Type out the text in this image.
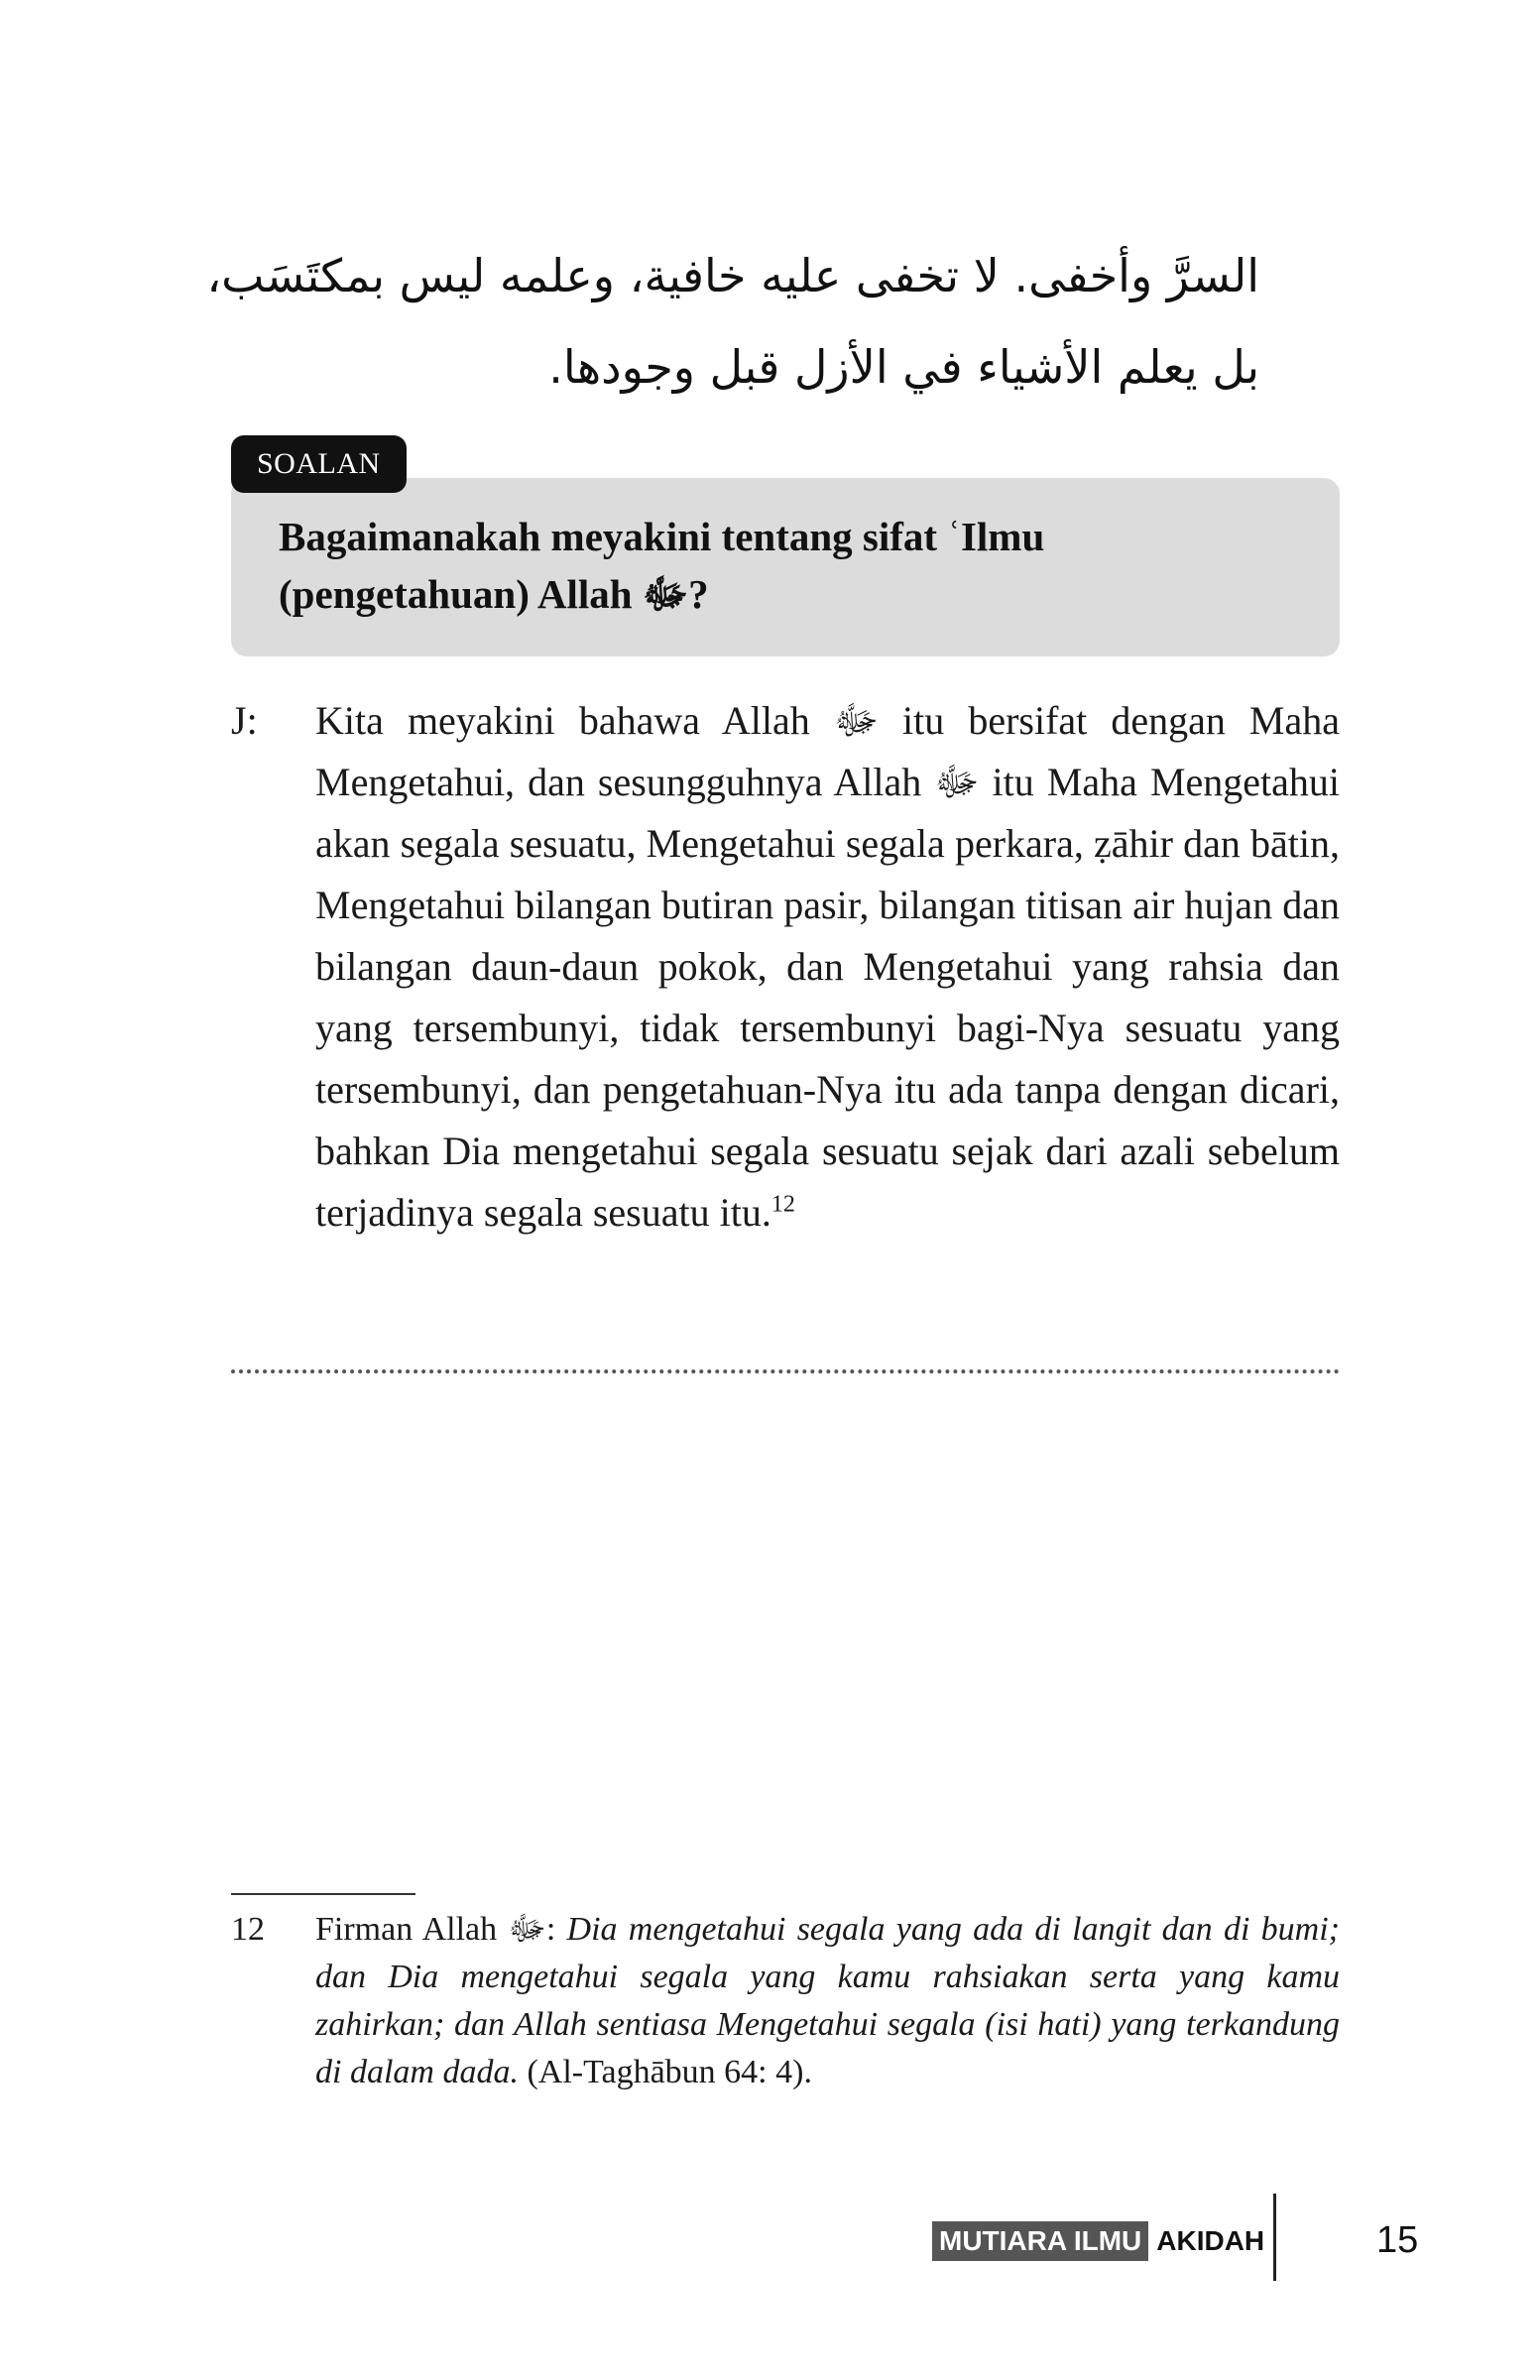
السرَّ وأخفى. لا تخفى عليه خافية، وعلمه ليس بمكتَسَب،
بل يعلم الأشياء في الأزل قبل وجودها.
SOALAN
Bagaimanakah meyakini tentang sifat ʿIlmu (pengetahuan) Allah ﷻ?
J: Kita meyakini bahawa Allah ﷻ itu bersifat dengan Maha Mengetahui, dan sesungguhnya Allah ﷻ itu Maha Mengetahui akan segala sesuatu, Mengetahui segala perkara, ẓāhir dan bātin, Mengetahui bilangan butiran pasir, bilangan titisan air hujan dan bilangan daun-daun pokok, dan Mengetahui yang rahsia dan yang tersembunyi, tidak tersembunyi bagi-Nya sesuatu yang tersembunyi, dan pengetahuan-Nya itu ada tanpa dengan dicari, bahkan Dia mengetahui segala sesuatu sejak dari azali sebelum terjadinya segala sesuatu itu.$^{12}$
12 Firman Allah ﷻ: Dia mengetahui segala yang ada di langit dan di bumi; dan Dia mengetahui segala yang kamu rahsiakan serta yang kamu zahirkan; dan Allah sentiasa Mengetahui segala (isi hati) yang terkandung di dalam dada. (Al-Taghābun 64: 4).
MUTIARA ILMU AKIDAH	15
